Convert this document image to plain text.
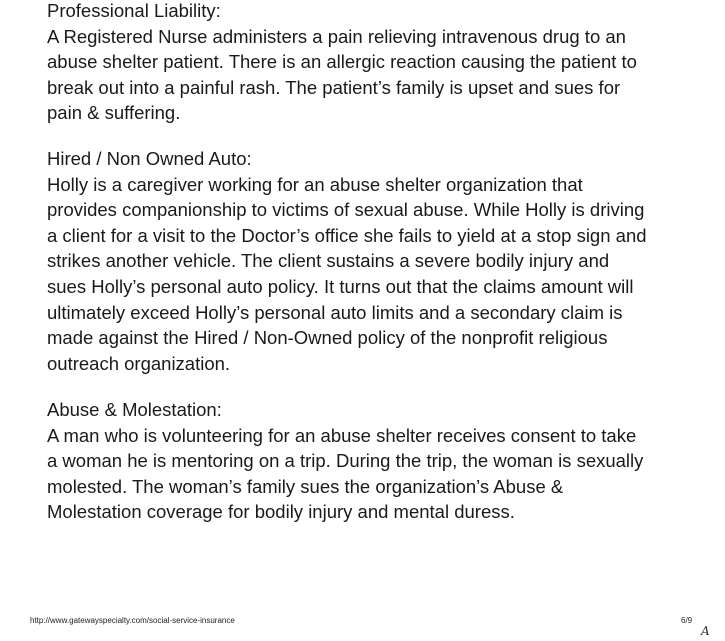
Professional Liability:
A Registered Nurse administers a pain relieving intravenous drug to an
abuse shelter patient. There is an allergic reaction causing the patient to
break out into a painful rash. The patient’s family is upset and sues for
pain & suffering.
Hired / Non Owned Auto:
Holly is a caregiver working for an abuse shelter organization that
provides companionship to victims of sexual abuse. While Holly is driving
a client for a visit to the Doctor’s office she fails to yield at a stop sign and
strikes another vehicle. The client sustains a severe bodily injury and
sues Holly’s personal auto policy. It turns out that the claims amount will
ultimately exceed Holly’s personal auto limits and a secondary claim is
made against the Hired / Non-Owned policy of the nonprofit religious
outreach organization.
Abuse & Molestation:
A man who is volunteering for an abuse shelter receives consent to take
a woman he is mentoring on a trip. During the trip, the woman is sexually
molested. The woman’s family sues the organization’s Abuse &
Molestation coverage for bodily injury and mental duress.
http://www.gatewayspecialty.com/social-service-insurance	6/9
A
